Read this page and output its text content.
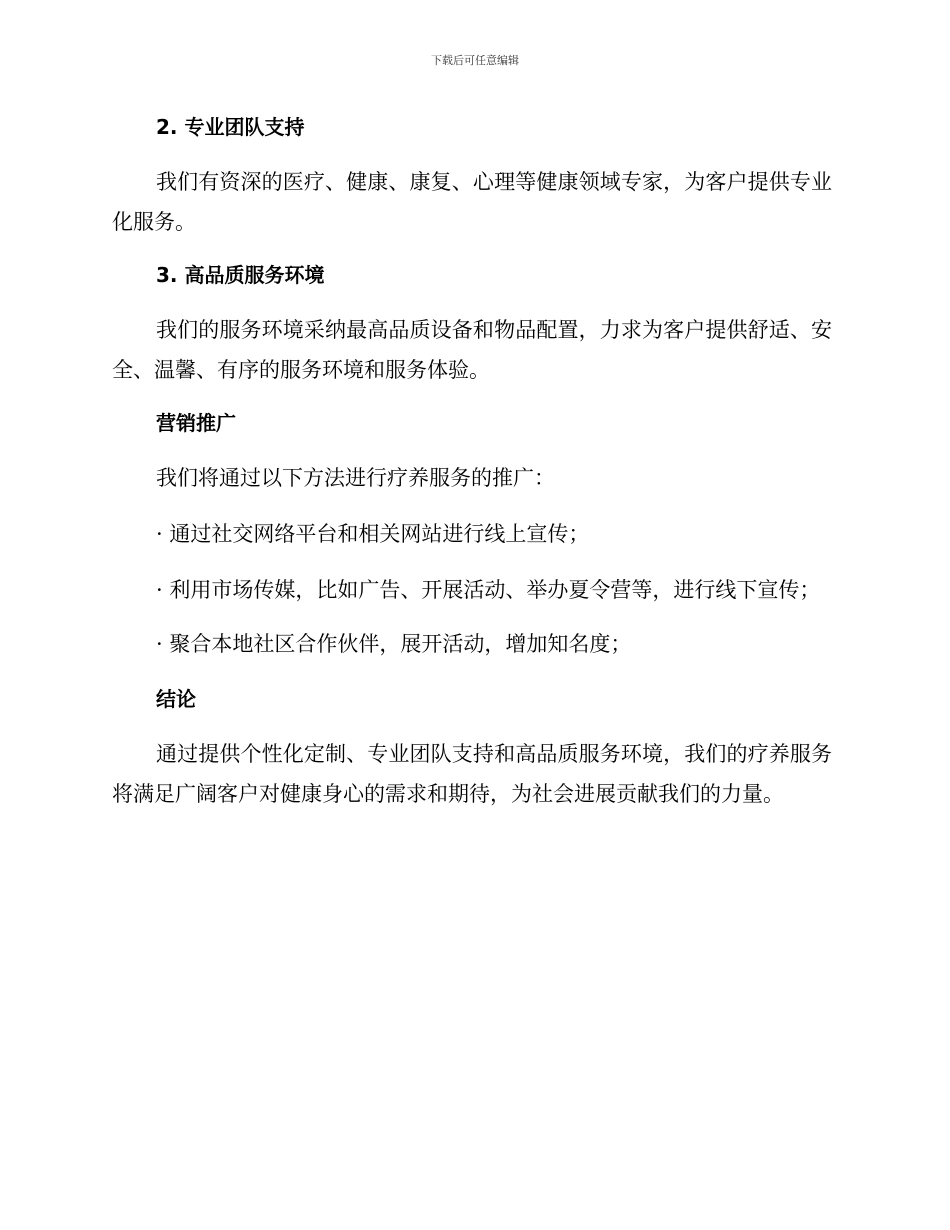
下载后可任意编辑
2. 专业团队支持

我们有资深的医疗、健康、康复、心理等健康领域专家，为客户提供专业化服务。

3. 高品质服务环境

我们的服务环境采纳最高品质设备和物品配置，力求为客户提供舒适、安全、温馨、有序的服务环境和服务体验。

营销推广

我们将通过以下方法进行疗养服务的推广：

· 通过社交网络平台和相关网站进行线上宣传；

· 利用市场传媒，比如广告、开展活动、举办夏令营等，进行线下宣传；

· 聚合本地社区合作伙伴，展开活动，增加知名度；

结论

通过提供个性化定制、专业团队支持和高品质服务环境，我们的疗养服务将满足广阔客户对健康身心的需求和期待，为社会进展贡献我们的力量。
